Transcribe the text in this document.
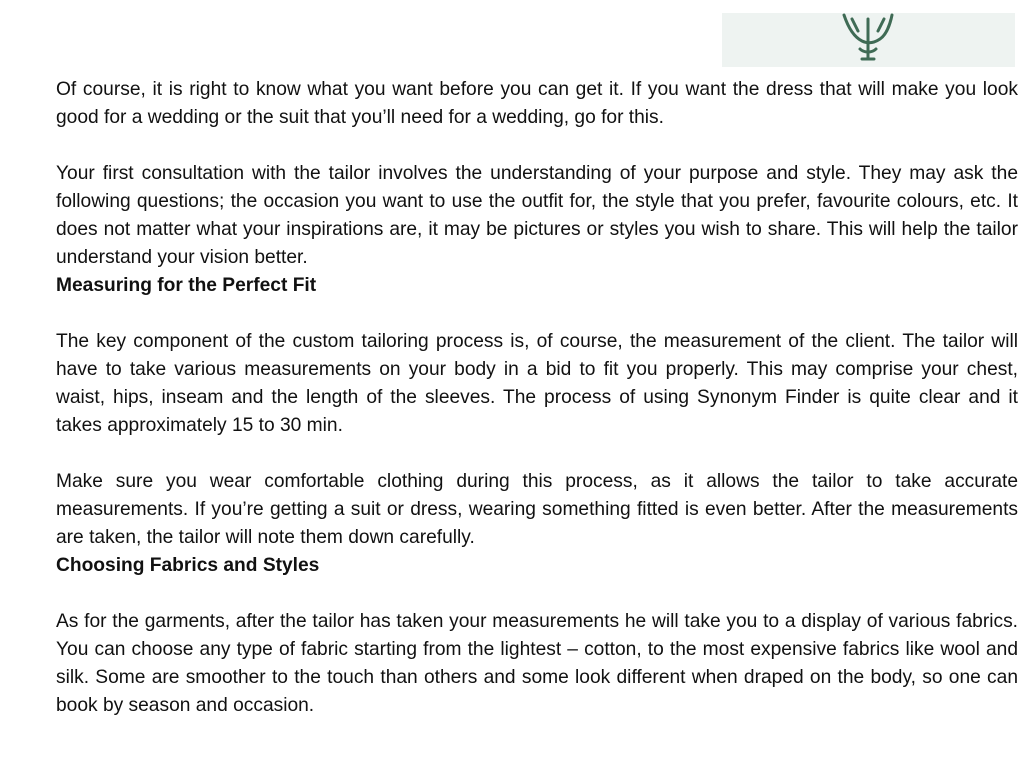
Of course, it is right to know what you want before you can get it. If you want the dress that will make you look good for a wedding or the suit that you’ll need for a wedding, go for this.

Your first consultation with the tailor involves the understanding of your purpose and style. They may ask the following questions; the occasion you want to use the outfit for, the style that you prefer, favourite colours, etc. It does not matter what your inspirations are, it may be pictures or styles you wish to share. This will help the tailor understand your vision better.

Measuring for the Perfect Fit

The key component of the custom tailoring process is, of course, the measurement of the client. The tailor will have to take various measurements on your body in a bid to fit you properly. This may comprise your chest, waist, hips, inseam and the length of the sleeves. The process of using Synonym Finder is quite clear and it takes approximately 15 to 30 min.

Make sure you wear comfortable clothing during this process, as it allows the tailor to take accurate measurements. If you’re getting a suit or dress, wearing something fitted is even better. After the measurements are taken, the tailor will note them down carefully.

Choosing Fabrics and Styles

As for the garments, after the tailor has taken your measurements he will take you to a display of various fabrics. You can choose any type of fabric starting from the lightest – cotton, to the most expensive fabrics like wool and silk. Some are smoother to the touch than others and some look different when draped on the body, so one can book by season and occasion.
